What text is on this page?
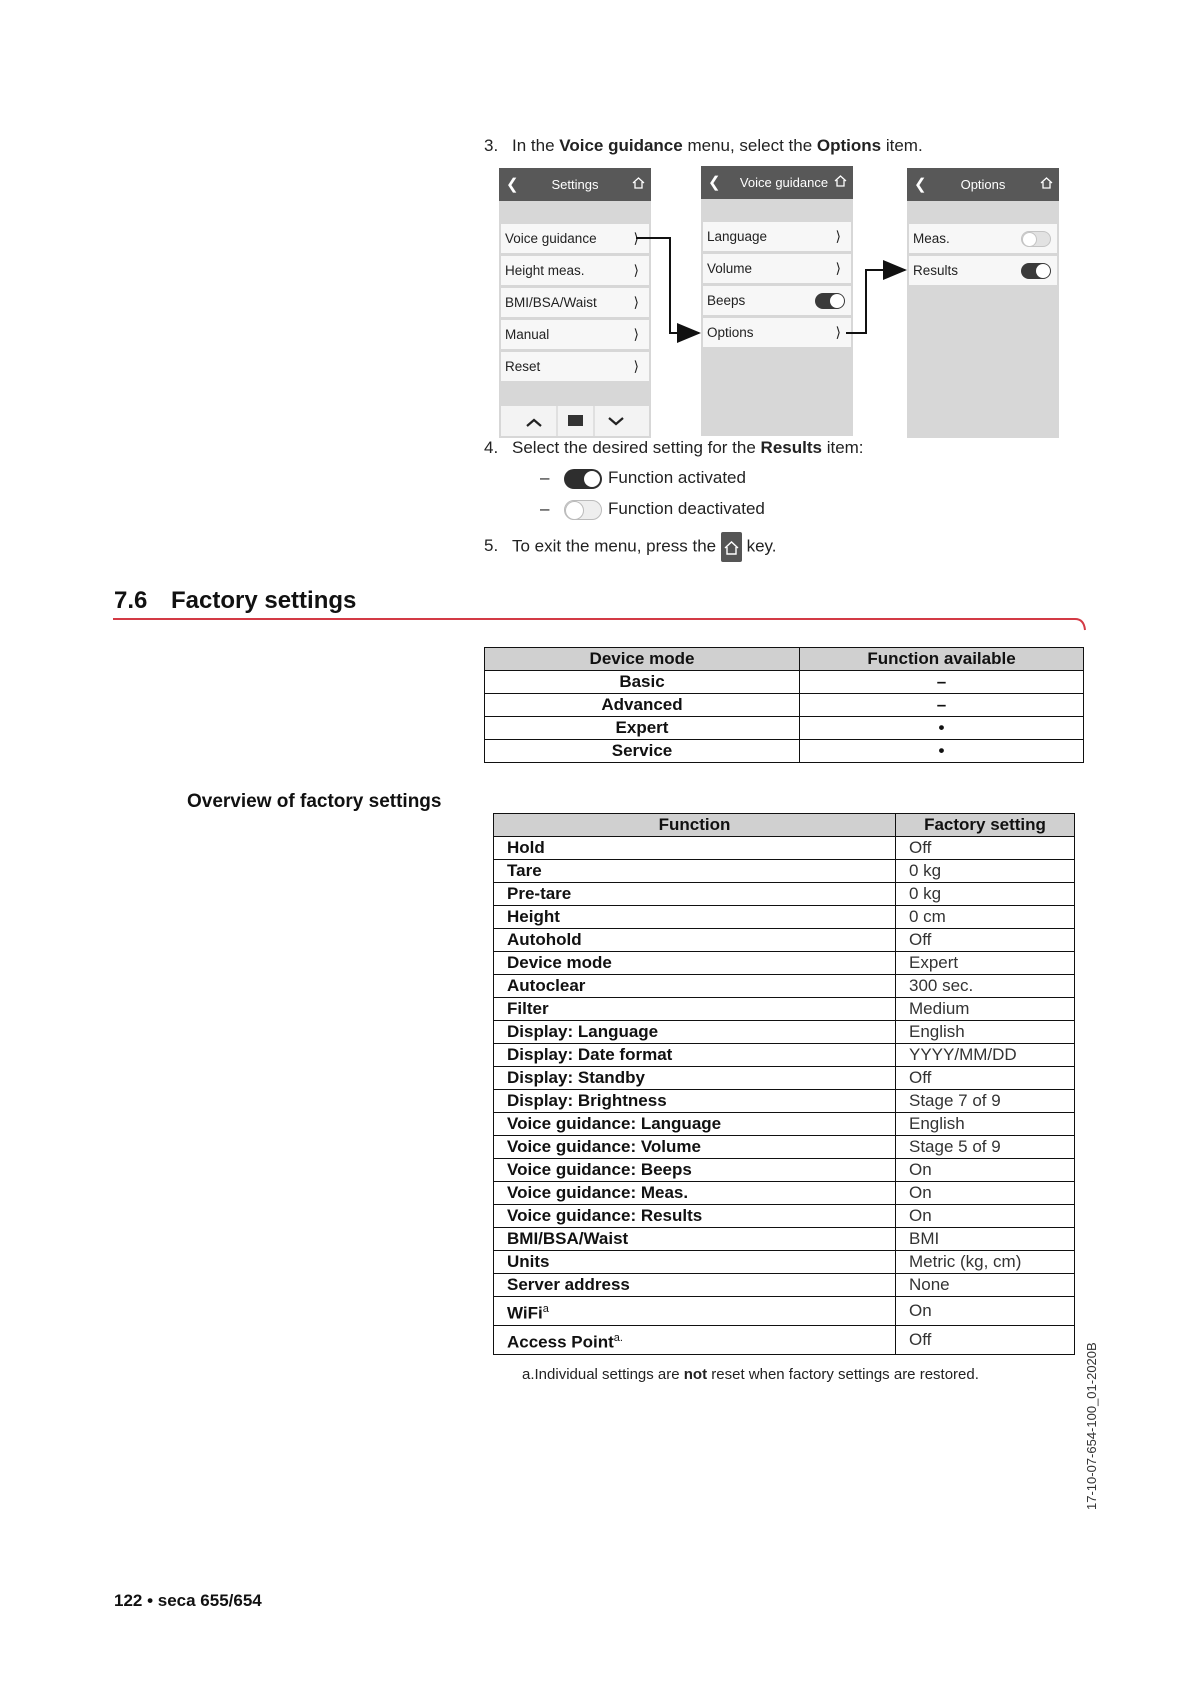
3. In the Voice guidance menu, select the Options item.
❮	Settings
Voice guidance	⟩
Height meas.	⟩
BMI/BSA/Waist	⟩
Manual	⟩
Reset	⟩
❮	Voice guidance
Language	⟩
Volume	⟩
Beeps
Options	⟩
❮	Options
Meas.
Results
4. Select the desired setting for the Results item:
–	Function activated
–	Function deactivated
5. To exit the menu, press the  key.
7.6 Factory settings
Device mode	Function available
Basic	–
Advanced	–
Expert	•
Service	•
Overview of factory settings
Function	Factory setting
Hold	Off
Tare	0 kg
Pre-tare	0 kg
Height	0 cm
Autohold	Off
Device mode	Expert
Autoclear	300 sec.
Filter	Medium
Display: Language	English
Display: Date format	YYYY/MM/DD
Display: Standby	Off
Display: Brightness	Stage 7 of 9
Voice guidance: Language	English
Voice guidance: Volume	Stage 5 of 9
Voice guidance: Beeps	On
Voice guidance: Meas.	On
Voice guidance: Results	On
BMI/BSA/Waist	BMI
Units	Metric (kg, cm)
Server address	None
WiFi$^a$	On
Access Point$^{a.}$	Off
a.Individual settings are not reset when factory settings are restored.	17-10-07-654-100_01-2020B
122 • seca 655/654
